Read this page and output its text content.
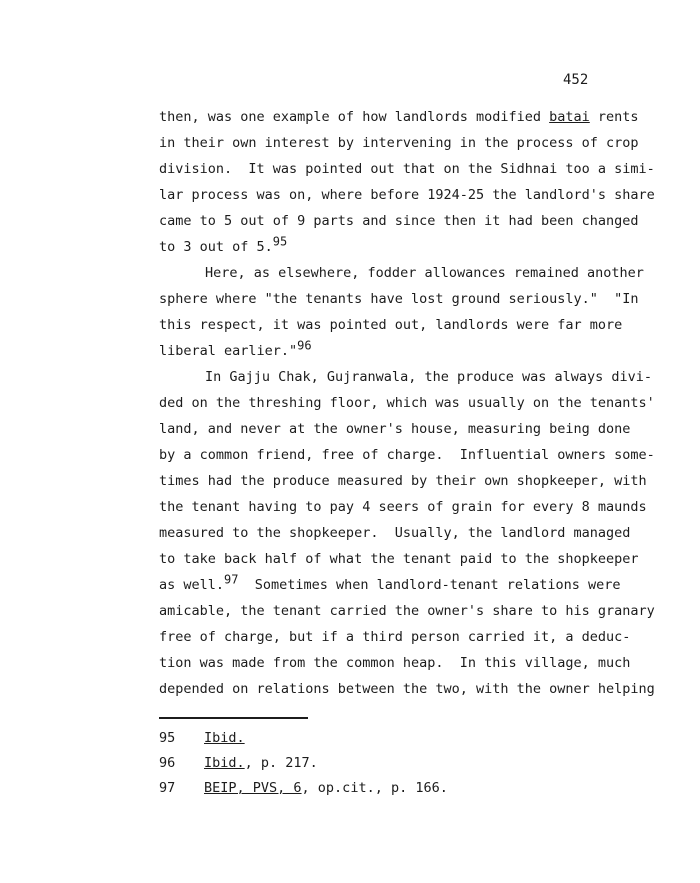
452
then, was one example of how landlords modified batai rents
in their own interest by intervening in the process of crop
division.  It was pointed out that on the Sidhnai too a simi-
lar process was on, where before 1924-25 the landlord's share
came to 5 out of 9 parts and since then it had been changed
to 3 out of 5.95
Here, as elsewhere, fodder allowances remained another
sphere where "the tenants have lost ground seriously."  "In
this respect, it was pointed out, landlords were far more
liberal earlier."96
In Gajju Chak, Gujranwala, the produce was always divi-
ded on the threshing floor, which was usually on the tenants'
land, and never at the owner's house, measuring being done
by a common friend, free of charge.  Influential owners some-
times had the produce measured by their own shopkeeper, with
the tenant having to pay 4 seers of grain for every 8 maunds
measured to the shopkeeper.  Usually, the landlord managed
to take back half of what the tenant paid to the shopkeeper
as well.97  Sometimes when landlord-tenant relations were
amicable, the tenant carried the owner's share to his granary
free of charge, but if a third person carried it, a deduc-
tion was made from the common heap.  In this village, much
depended on relations between the two, with the owner helping
95 Ibid.
96 Ibid., p. 217.
97 BEIP, PVS, 6, op.cit., p. 166.
